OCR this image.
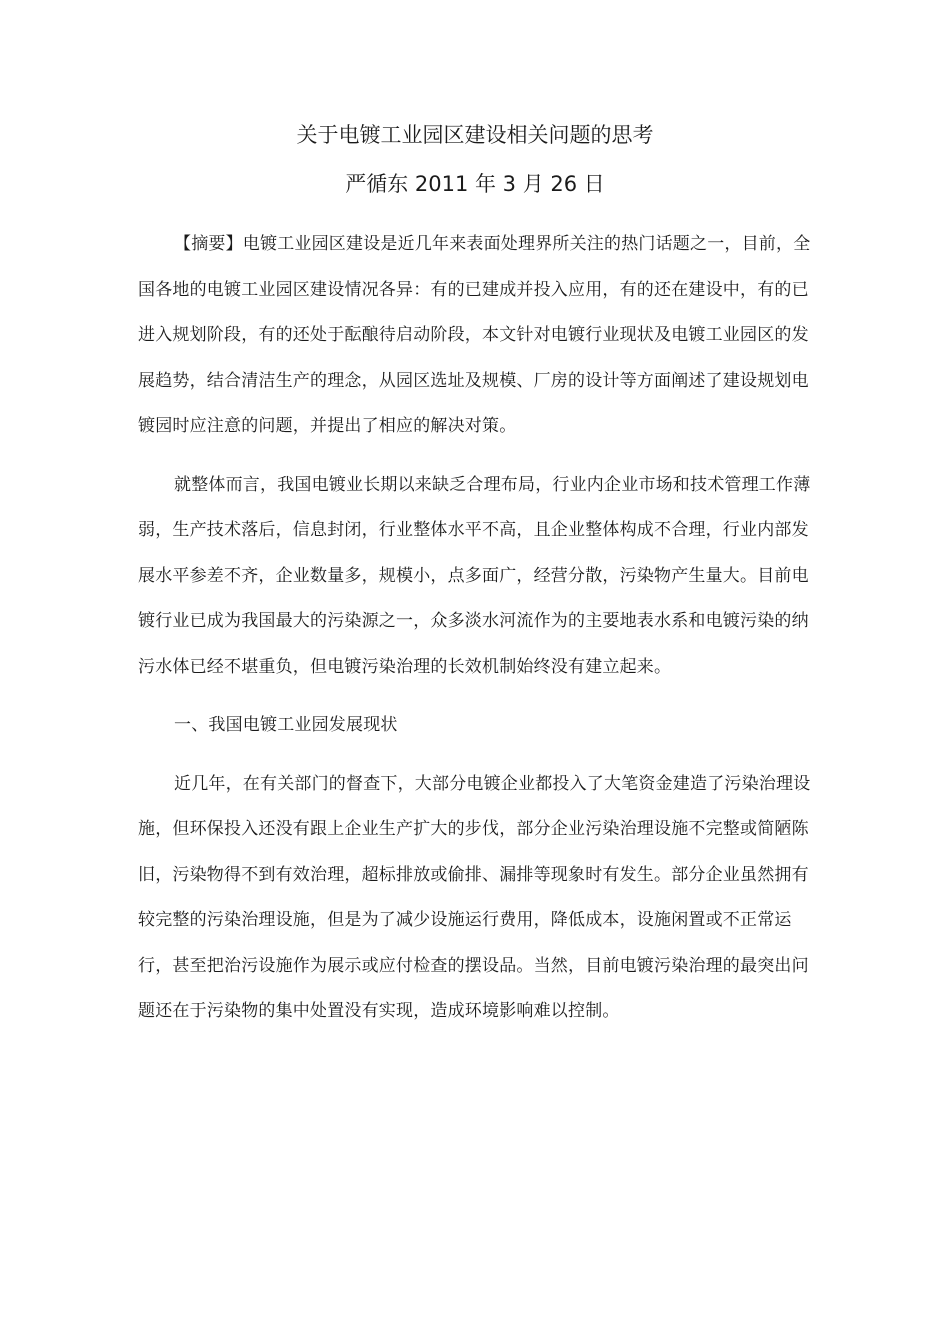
关于电镀工业园区建设相关问题的思考
严循东 2011 年 3 月 26 日

【摘要】电镀工业园区建设是近几年来表面处理界所关注的热门话题之一，目前，全国各地的电镀工业园区建设情况各异：有的已建成并投入应用，有的还在建设中，有的已进入规划阶段，有的还处于酝酿待启动阶段，本文针对电镀行业现状及电镀工业园区的发展趋势，结合清洁生产的理念，从园区选址及规模、厂房的设计等方面阐述了建设规划电镀园时应注意的问题，并提出了相应的解决对策。

就整体而言，我国电镀业长期以来缺乏合理布局，行业内企业市场和技术管理工作薄弱，生产技术落后，信息封闭，行业整体水平不高，且企业整体构成不合理，行业内部发展水平参差不齐，企业数量多，规模小，点多面广，经营分散，污染物产生量大。目前电镀行业已成为我国最大的污染源之一，众多淡水河流作为的主要地表水系和电镀污染的纳污水体已经不堪重负，但电镀污染治理的长效机制始终没有建立起来。

一、我国电镀工业园发展现状

近几年，在有关部门的督查下，大部分电镀企业都投入了大笔资金建造了污染治理设施，但环保投入还没有跟上企业生产扩大的步伐，部分企业污染治理设施不完整或简陋陈旧，污染物得不到有效治理，超标排放或偷排、漏排等现象时有发生。部分企业虽然拥有较完整的污染治理设施，但是为了减少设施运行费用，降低成本，设施闲置或不正常运行，甚至把治污设施作为展示或应付检查的摆设品。当然，目前电镀污染治理的最突出问题还在于污染物的集中处置没有实现，造成环境影响难以控制。
